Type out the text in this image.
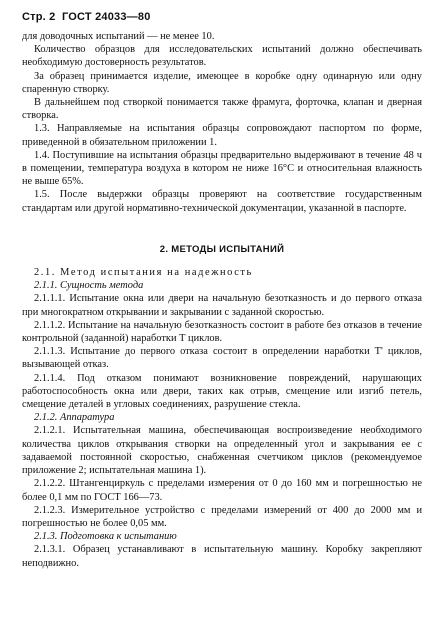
Стр. 2 ГОСТ 24033—80

для доводочных испытаний — не менее 10.

Количество образцов для исследовательских испытаний должно обеспечивать необходимую достоверность результатов.

За образец принимается изделие, имеющее в коробке одну одинарную или одну спаренную створку.

В дальнейшем под створкой понимается также фрамуга, форточка, клапан и дверная створка.

1.3. Направляемые на испытания образцы сопровождают паспортом по форме, приведенной в обязательном приложении 1.

1.4. Поступившие на испытания образцы предварительно выдерживают в течение 48 ч в помещении, температура воздуха в котором не ниже 16°С и относительная влажность не выше 65%.

1.5. После выдержки образцы проверяют на соответствие государственным стандартам или другой нормативно-технической документации, указанной в паспорте.

2. МЕТОДЫ ИСПЫТАНИЙ

2.1. Метод испытания на надежность

2.1.1. Сущность метода

2.1.1.1. Испытание окна или двери на начальную безотказность и до первого отказа при многократном открывании и закрывании с заданной скоростью.

2.1.1.2. Испытание на начальную безотказность состоит в работе без отказов в течение контрольной (заданной) наработки Т циклов.

2.1.1.3. Испытание до первого отказа состоит в определении наработки Т' циклов, вызывающей отказ.

2.1.1.4. Под отказом понимают возникновение повреждений, нарушающих работоспособность окна или двери, таких как отрыв, смещение или изгиб петель, смещение деталей в угловых соединениях, разрушение стекла.

2.1.2. Аппаратура

2.1.2.1. Испытательная машина, обеспечивающая воспроизведение необходимого количества циклов открывания створки на определенный угол и закрывания ее с задаваемой постоянной скоростью, снабженная счетчиком циклов (рекомендуемое приложение 2; испытательная машина 1).

2.1.2.2. Штангенциркуль с пределами измерения от 0 до 160 мм и погрешностью не более 0,1 мм по ГОСТ 166—73.

2.1.2.3. Измерительное устройство с пределами измерений от 400 до 2000 мм и погрешностью не более 0,05 мм.

2.1.3. Подготовка к испытанию

2.1.3.1. Образец устанавливают в испытательную машину. Коробку закрепляют неподвижно.
